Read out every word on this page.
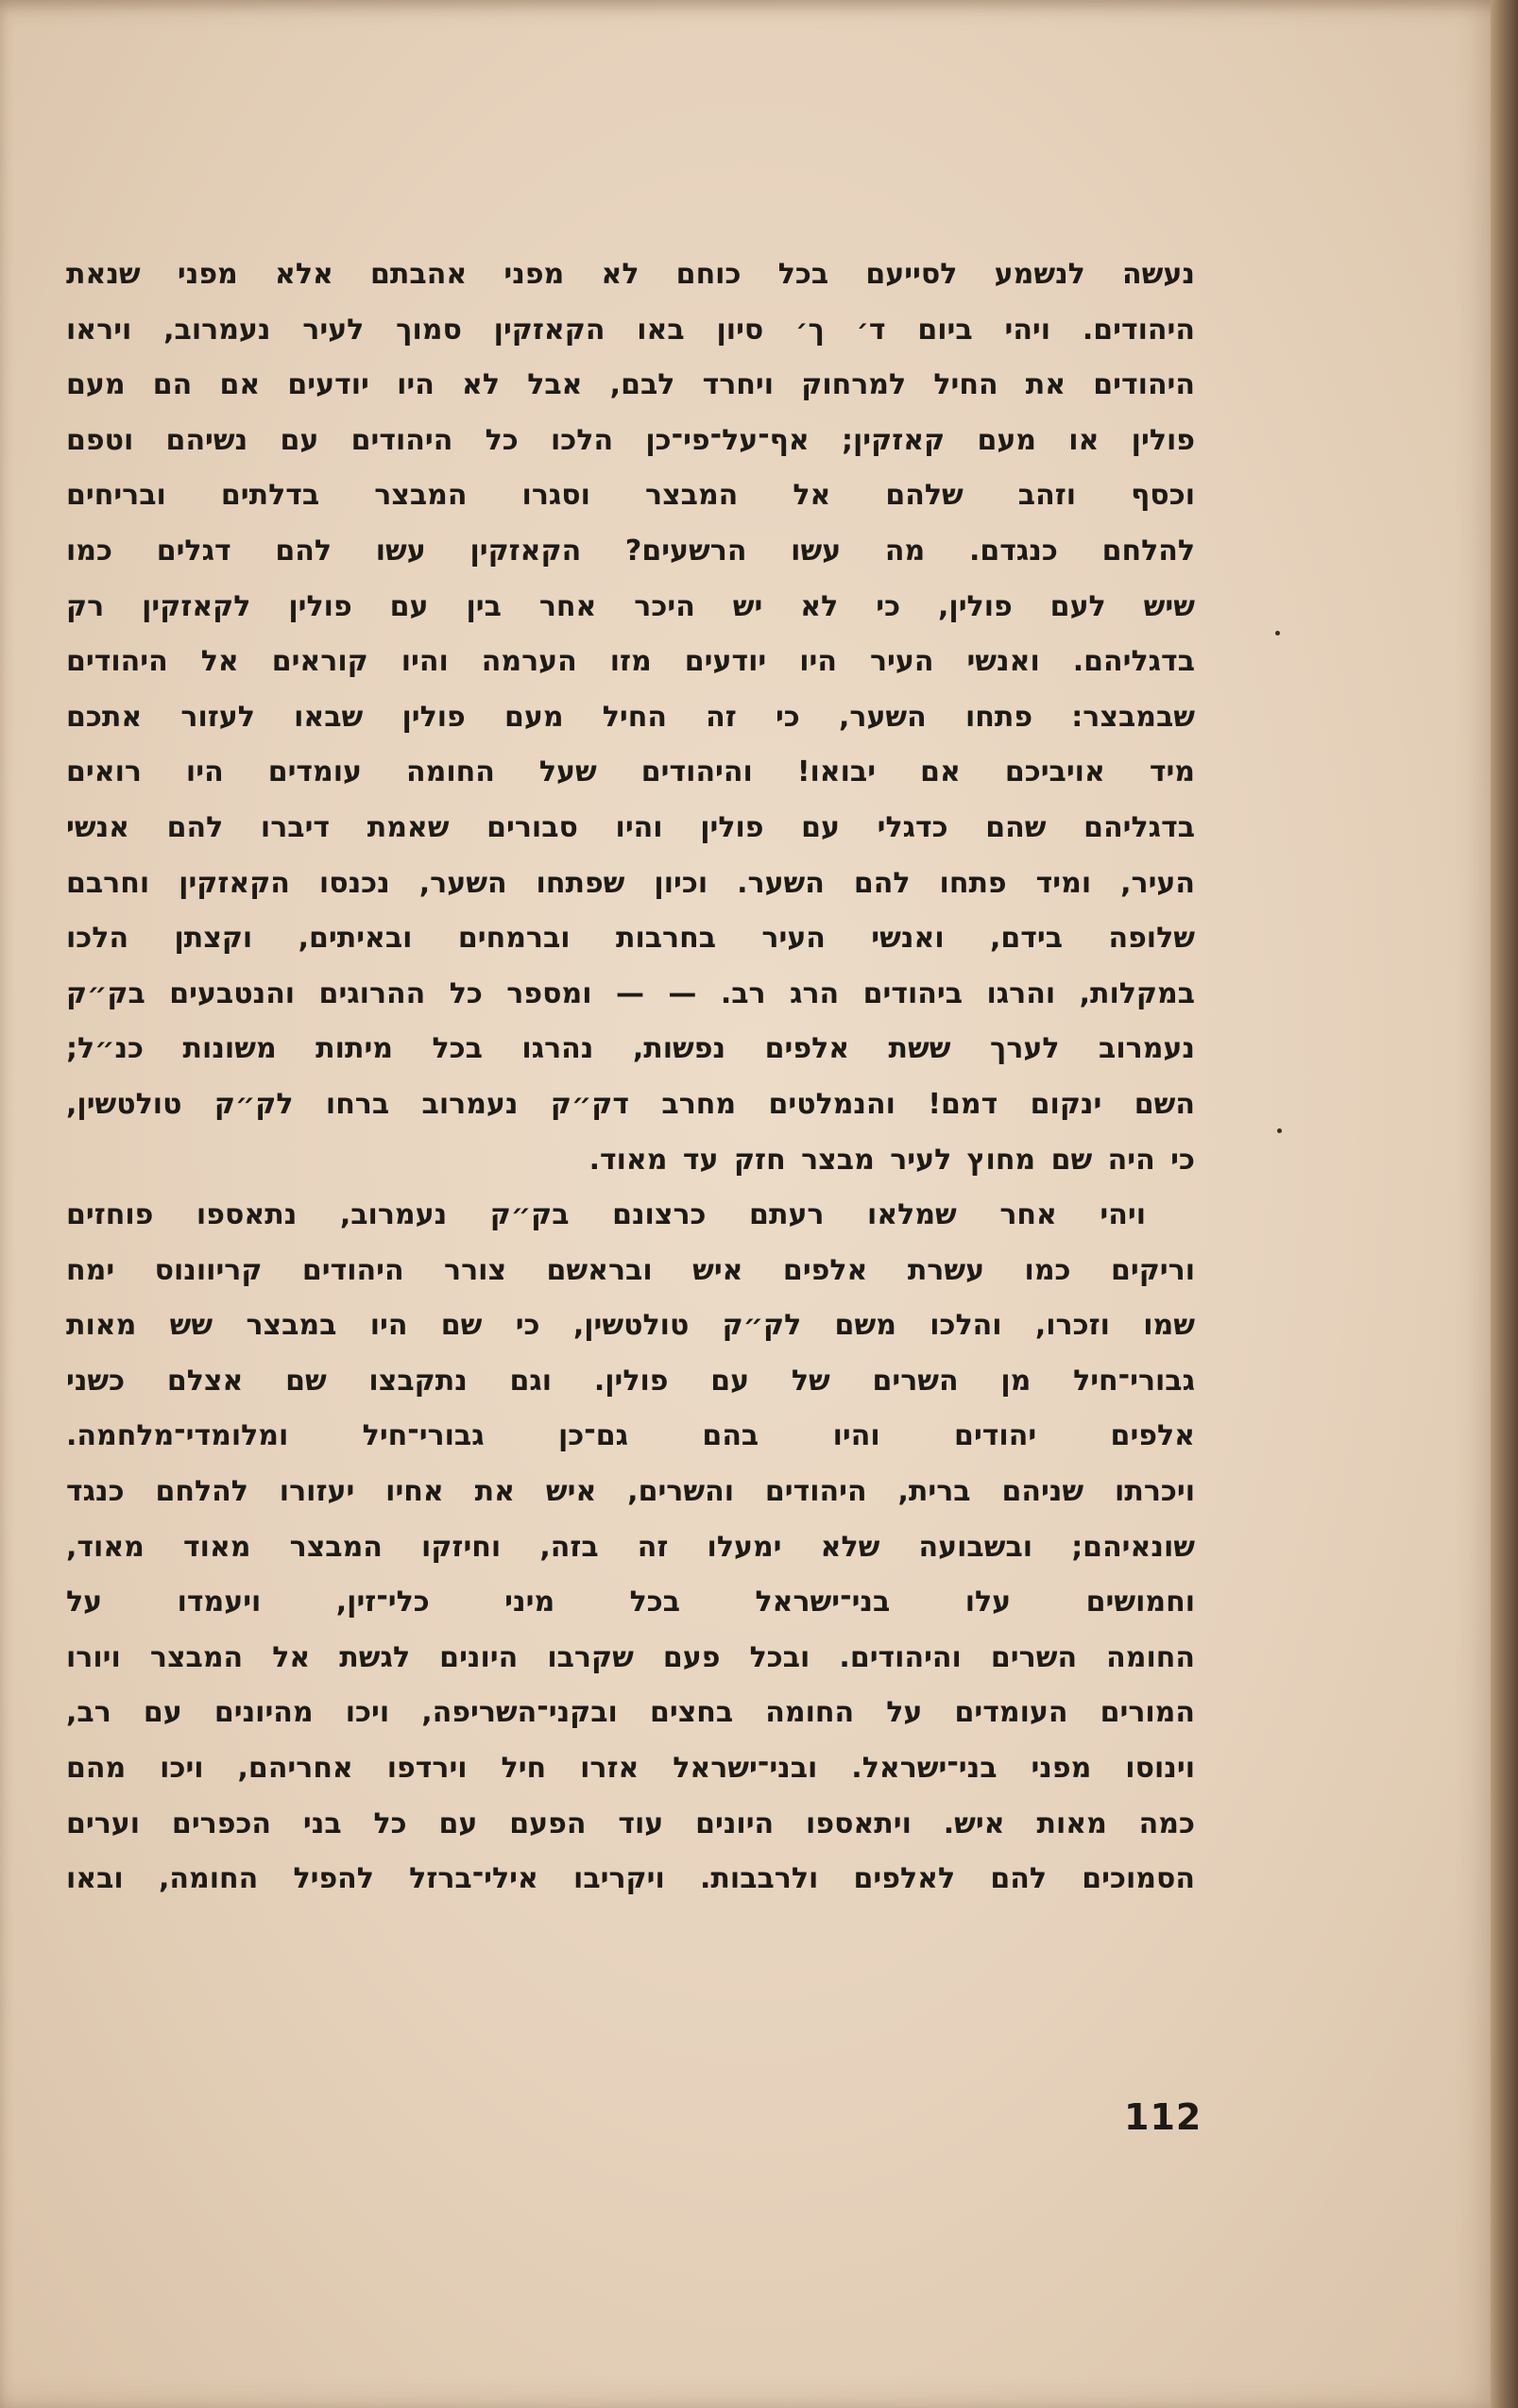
נעשה לנשמע לסייעם בכל כוחם לא מפני אהבתם אלא מפני שנאת
היהודים. ויהי ביום ד׳ ך׳ סיון באו הקאזקין סמוך לעיר נעמרוב, ויראו
היהודים את החיל למרחוק ויחרד לבם, אבל לא היו יודעים אם הם מעם
פולין או מעם קאזקין; אף־על־פי־כן הלכו כל היהודים עם נשיהם וטפם
וכסף וזהב שלהם אל המבצר וסגרו המבצר בדלתים ובריחים
להלחם כנגדם. מה עשו הרשעים? הקאזקין עשו להם דגלים כמו
שיש לעם פולין, כי לא יש היכר אחר בין עם פולין לקאזקין רק
בדגליהם. ואנשי העיר היו יודעים מזו הערמה והיו קוראים אל היהודים
שבמבצר: פתחו השער, כי זה החיל מעם פולין שבאו לעזור אתכם
מיד אויביכם אם יבואו! והיהודים שעל החומה עומדים היו רואים
בדגליהם שהם כדגלי עם פולין והיו סבורים שאמת דיברו להם אנשי
העיר, ומיד פתחו להם השער. וכיון שפתחו השער, נכנסו הקאזקין וחרבם
שלופה בידם, ואנשי העיר בחרבות וברמחים ובאיתים, וקצתן הלכו
במקלות, והרגו ביהודים הרג רב. — — ומספר כל ההרוגים והנטבעים בק״ק
נעמרוב לערך ששת אלפים נפשות, נהרגו בכל מיתות משונות כנ״ל;
השם ינקום דמם! והנמלטים מחרב דק״ק נעמרוב ברחו לק״ק טולטשין,
כי היה שם מחוץ לעיר מבצר חזק עד מאוד.
ויהי אחר שמלאו רעתם כרצונם בק״ק נעמרוב, נתאספו פוחזים
וריקים כמו עשרת אלפים איש ובראשם צורר היהודים קריוונוס ימח
שמו וזכרו, והלכו משם לק״ק טולטשין, כי שם היו במבצר שש מאות
גבורי־חיל מן השרים של עם פולין. וגם נתקבצו שם אצלם כשני
אלפים יהודים והיו בהם גם־כן גבורי־חיל ומלומדי־מלחמה.
ויכרתו שניהם ברית, היהודים והשרים, איש את אחיו יעזורו להלחם כנגד
שונאיהם; ובשבועה שלא ימעלו זה בזה, וחיזקו המבצר מאוד מאוד,
וחמושים עלו בני־ישראל בכל מיני כלי־זין, ויעמדו על
החומה השרים והיהודים. ובכל פעם שקרבו היונים לגשת אל המבצר ויורו
המורים העומדים על החומה בחצים ובקני־השריפה, ויכו מהיונים עם רב,
וינוסו מפני בני־ישראל. ובני־ישראל אזרו חיל וירדפו אחריהם, ויכו מהם
כמה מאות איש. ויתאספו היונים עוד הפעם עם כל בני הכפרים וערים
הסמוכים להם לאלפים ולרבבות. ויקריבו אילי־ברזל להפיל החומה, ובאו
112
